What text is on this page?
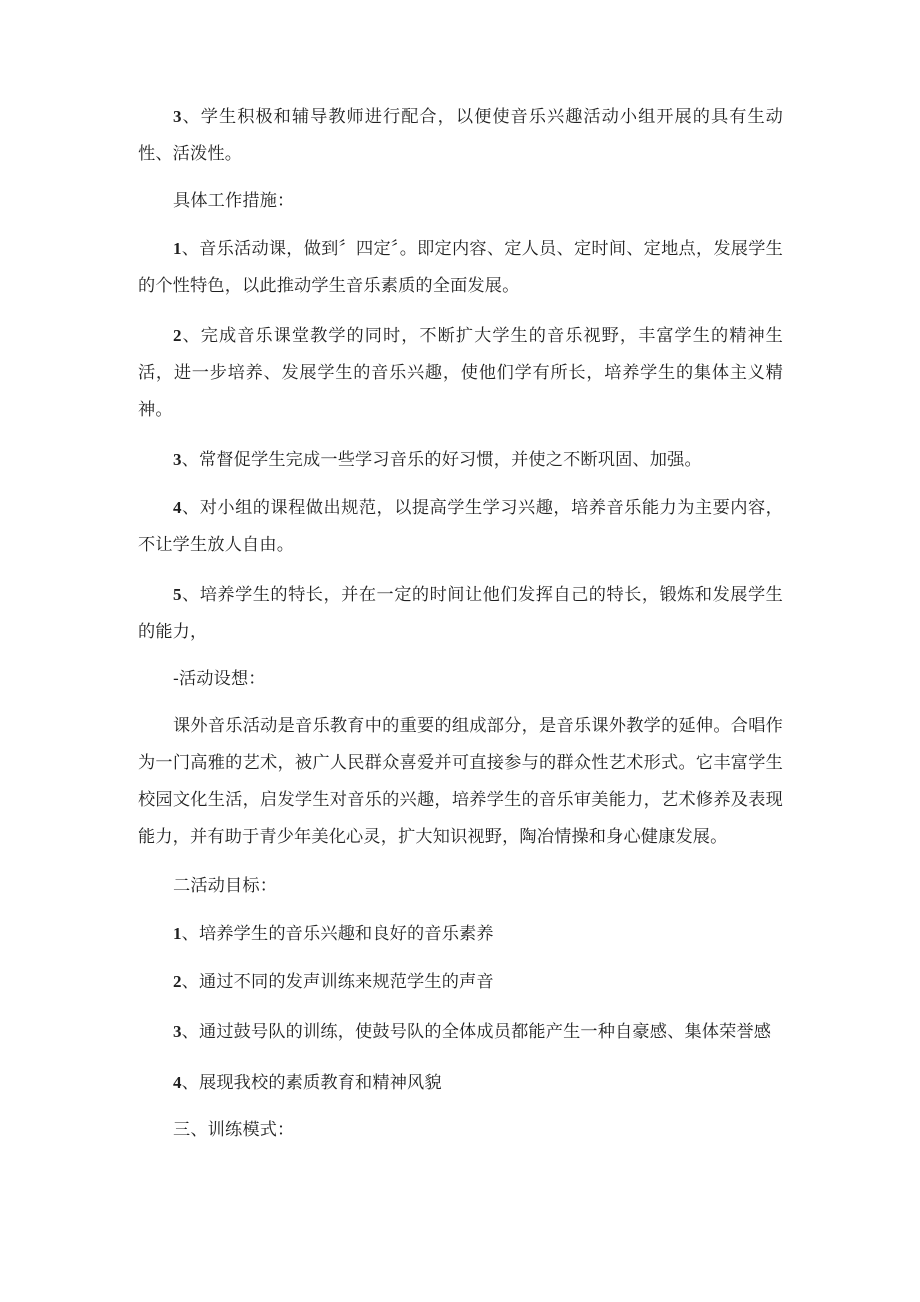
3、学生积极和辅导教师进行配合，以便使音乐兴趣活动小组开展的具有生动性、活泼性。

具体工作措施：

1、音乐活动课，做到〞四定〞。即定内容、定人员、定时间、定地点，发展学生的个性特色，以此推动学生音乐素质的全面发展。

2、完成音乐课堂教学的同时，不断扩大学生的音乐视野，丰富学生的精神生活，进一步培养、发展学生的音乐兴趣，使他们学有所长，培养学生的集体主义精神。

3、常督促学生完成一些学习音乐的好习惯，并使之不断巩固、加强。

4、对小组的课程做出规范，以提高学生学习兴趣，培养音乐能力为主要内容，不让学生放人自由。

5、培养学生的特长，并在一定的时间让他们发挥自己的特长，锻炼和发展学生的能力，

-活动设想：

课外音乐活动是音乐教育中的重要的组成部分，是音乐课外教学的延伸。合唱作为一门高雅的艺术，被广人民群众喜爱并可直接参与的群众性艺术形式。它丰富学生校园文化生活，启发学生对音乐的兴趣，培养学生的音乐审美能力，艺术修养及表现能力，并有助于青少年美化心灵，扩大知识视野，陶冶情操和身心健康发展。

二活动目标：

1、培养学生的音乐兴趣和良好的音乐素养

2、通过不同的发声训练来规范学生的声音

3、通过鼓号队的训练，使鼓号队的全体成员都能产生一种自豪感、集体荣誉感

4、展现我校的素质教育和精神风貌

三、训练模式：
